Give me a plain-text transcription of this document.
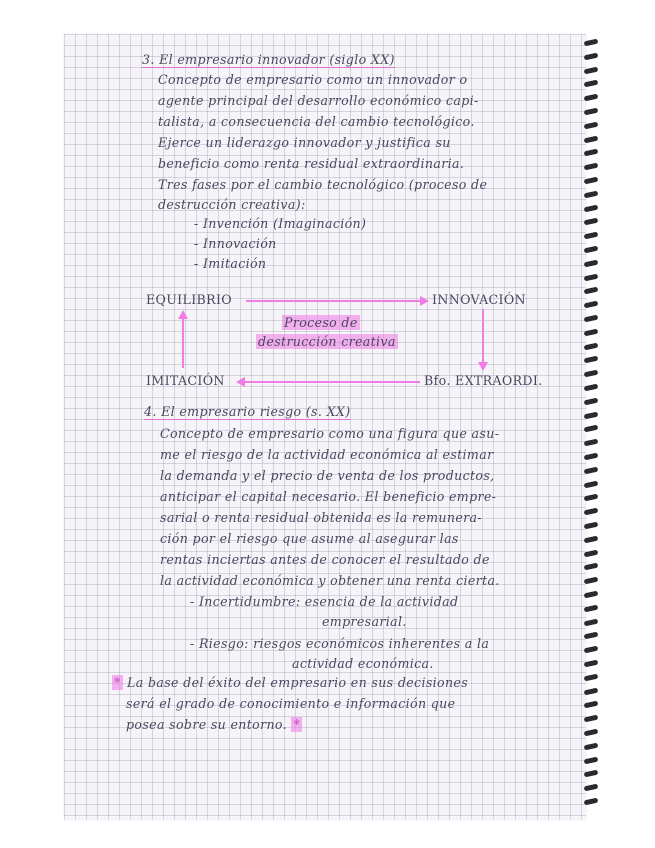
3. El empresario innovador (siglo XX)
Concepto de empresario como un innovador o
agente principal del desarrollo económico capi-
talista, a consecuencia del cambio tecnológico.
Ejerce un liderazgo innovador y justifica su
beneficio como renta residual extraordinaria.
Tres fases por el cambio tecnológico (proceso de
destrucción creativa):
- Invención (Imaginación)
- Innovación
- Imitación
EQUILIBRIO	INNOVACIÓN
IMITACIÓN	Bfo. EXTRAORDI.
Proceso de
destrucción creativa
4. El empresario riesgo (s. XX)
Concepto de empresario como una figura que asu-
me el riesgo de la actividad económica al estimar
la demanda y el precio de venta de los productos,
anticipar el capital necesario. El beneficio empre-
sarial o renta residual obtenida es la remunera-
ción por el riesgo que asume al asegurar las
rentas inciertas antes de conocer el resultado de
la actividad económica y obtener una renta cierta.
- Incertidumbre: esencia de la actividad
empresarial.
- Riesgo: riesgos económicos inherentes a la
actividad económica.
* La base del éxito del empresario en sus decisiones
será el grado de conocimiento e información que
posea sobre su entorno. *
